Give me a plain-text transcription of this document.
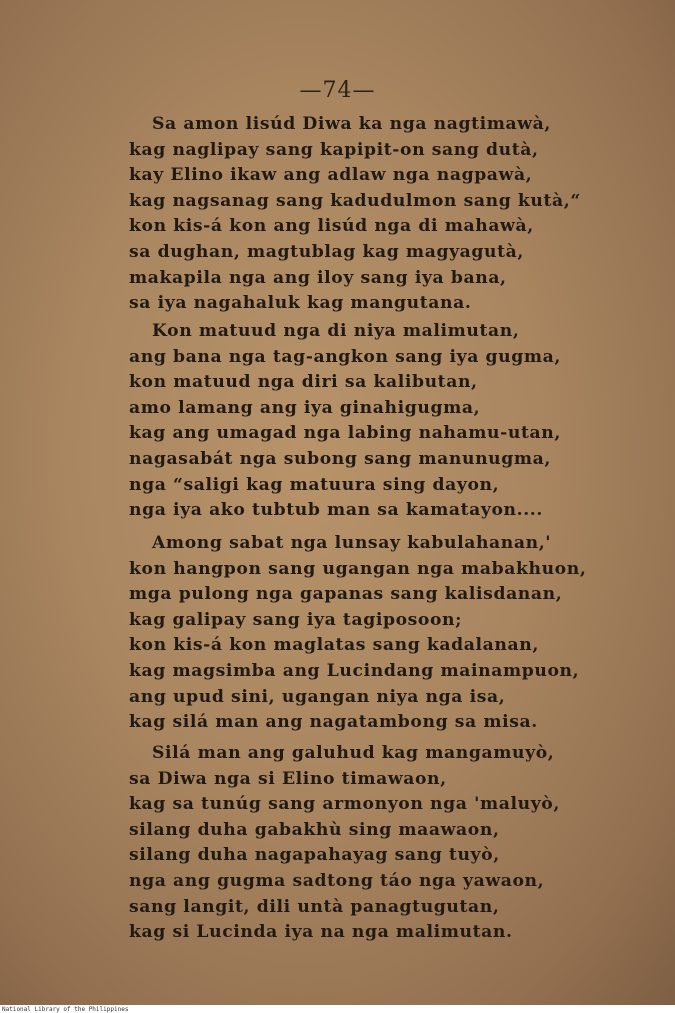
—74—
Sa amon lisúd Diwa ka nga nagtimawà,
kag naglipay sang kapipit-on sang dutà,
kay Elino ikaw ang adlaw nga nagpawà,
kag nagsanag sang kadudulmon sang kutà,“
kon kis-á kon ang lisúd nga di mahawà,
sa dughan, magtublag kag magyagutà,
makapila nga ang iloy sang iya bana,
sa iya nagahaluk kag mangutana.
Kon matuud nga di niya malimutan,
ang bana nga tag-angkon sang iya gugma,
kon matuud nga diri sa kalibutan,
amo lamang ang iya ginahigugma,
kag ang umagad nga labing nahamu-utan,
nagasabát nga subong sang manunugma,
nga “saligi kag matuura sing dayon,
nga iya ako tubtub man sa kamatayon....
Among sabat nga lunsay kabulahanan,'
kon hangpon sang ugangan nga mabakhuon,
mga pulong nga gapanas sang kalisdanan,
kag galipay sang iya tagiposoon;
kon kis-á kon maglatas sang kadalanan,
kag magsimba ang Lucindang mainampuon,
ang upud sini, ugangan niya nga isa,
kag silá man ang nagatambong sa misa.
Silá man ang galuhud kag mangamuyò,
sa Diwa nga si Elino timawaon,
kag sa tunúg sang armonyon nga 'maluyò,
silang duha gabakhù sing maawaon,
silang duha nagapahayag sang tuyò,
nga ang gugma sadtong táo nga yawaon,
sang langit, dili untà panagtugutan,
kag si Lucinda iya na nga malimutan.
National Library of the Philippines
